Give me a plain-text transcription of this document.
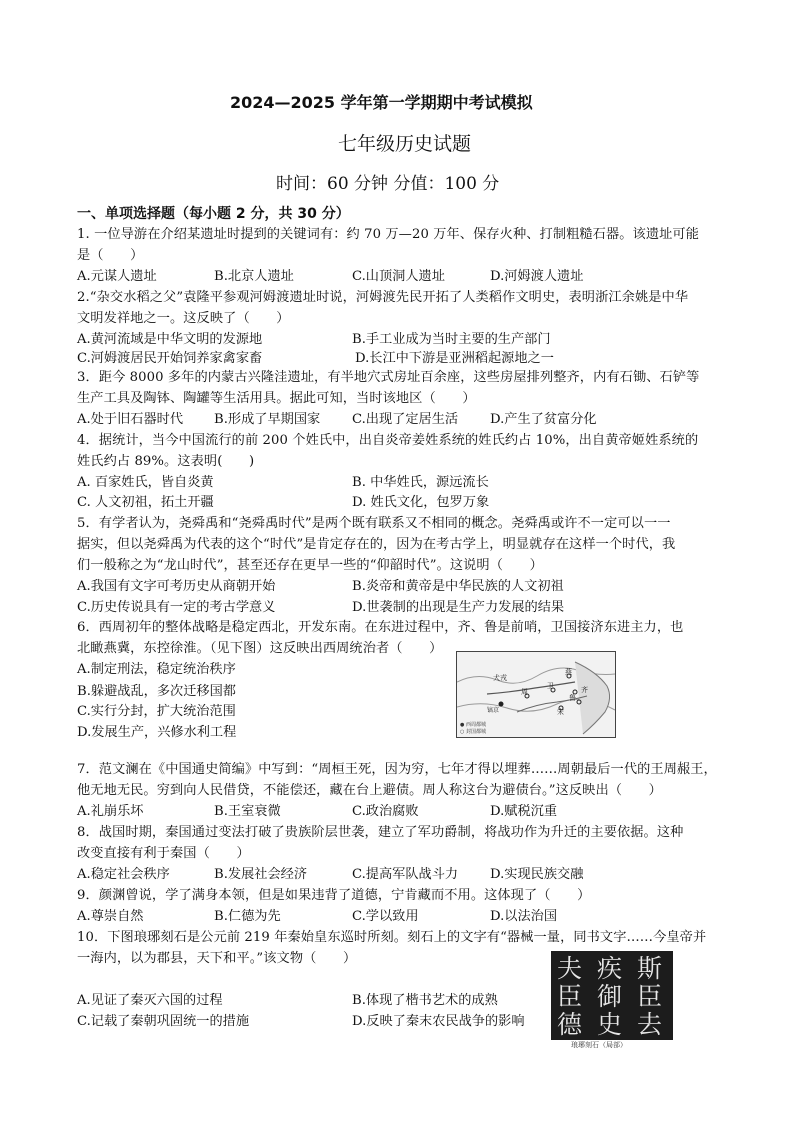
2024—2025 学年第一学期期中考试模拟
七年级历史试题
时间：60 分钟 分值：100 分
一、单项选择题（每小题 2 分，共 30 分）
1. 一位导游在介绍某遗址时提到的关键词有：约 70 万—20 万年、保存火种、打制粗糙石器。该遗址可能
是（　　）
A.元谋人遗址	B.北京人遗址	C.山顶洞人遗址	D.河姆渡人遗址
2.“杂交水稻之父”袁隆平参观河姆渡遗址时说，河姆渡先民开拓了人类稻作文明史，表明浙江余姚是中华
文明发祥地之一。这反映了（　　）
A.黄河流域是中华文明的发源地	B.手工业成为当时主要的生产部门
C.河姆渡居民开始饲养家禽家畜	D.长江中下游是亚洲稻起源地之一
3．距今 8000 多年的内蒙古兴隆洼遗址，有半地穴式房址百余座，这些房屋排列整齐，内有石锄、石铲等
生产工具及陶钵、陶罐等生活用具。据此可知，当时该地区（　　）
A.处于旧石器时代 B.形成了早期国家 C.出现了定居生活 D.产生了贫富分化
4．据统计，当今中国流行的前 200 个姓氏中，出自炎帝姜姓系统的姓氏约占 10%，出自黄帝姬姓系统的
姓氏约占 89%。这表明(　　)
A. 百家姓氏，皆自炎黄	B. 中华姓氏，源远流长
C. 人文初祖，拓土开疆	D. 姓氏文化，包罗万象
5．有学者认为，尧舜禹和“尧舜禹时代”是两个既有联系又不相同的概念。尧舜禹或许不一定可以一一
据实，但以尧舜禹为代表的这个“时代”是肯定存在的，因为在考古学上，明显就存在这样一个时代，我
们一般称之为“龙山时代”，甚至还存在更早一些的“仰韶时代”。这说明（　　）
A.我国有文字可考历史从商朝开始	B.炎帝和黄帝是中华民族的人文初祖
C.历史传说具有一定的考古学意义	D.世袭制的出现是生产力发展的结果
6．西周初年的整体战略是稳定西北，开发东南。在东进过程中，齐、鲁是前哨，卫国接济东进主力，也
北瞰燕冀，东控徐淮。（见下图）这反映出西周统治者（　　）
A.制定刑法，稳定统治秩序
B.躲避战乱，多次迁移国都
C.实行分封，扩大统治范围
D.发展生产，兴修水利工程
燕
卫
鲁
齐
宋
周
镐京
犬戎
● 西周都城
○ 封国都城
7．范文澜在《中国通史简编》中写到：“周桓王死，因为穷，七年才得以埋葬……周朝最后一代的王周赧王，
他无地无民。穷到向人民借贷，不能偿还，藏在台上避债。周人称这台为避债台。”这反映出（　　）
A.礼崩乐坏	B.王室衰微	C.政治腐败	D.赋税沉重
8．战国时期，秦国通过变法打破了贵族阶层世袭，建立了军功爵制，将战功作为升迁的主要依据。这种
改变直接有利于秦国（　　）
A.稳定社会秩序	B.发展社会经济	C.提高军队战斗力 D.实现民族交融
9．颜渊曾说，学了满身本领，但是如果违背了道德，宁肯藏而不用。这体现了（　　）
A.尊崇自然	B.仁德为先	C.学以致用	D.以法治国
10．下图琅琊刻石是公元前 219 年秦始皇东巡时所刻。刻石上的文字有“器械一量，同书文字……今皇帝并
一海内，以为郡县，天下和平。”该文物（　　）
A.见证了秦灭六国的过程	B.体现了楷书艺术的成熟
C.记载了秦朝巩固统一的措施	D.反映了秦末农民战争的影响
斯
臣
去
疾
御
史
夫
臣
德
琅琊刻石（局部）
